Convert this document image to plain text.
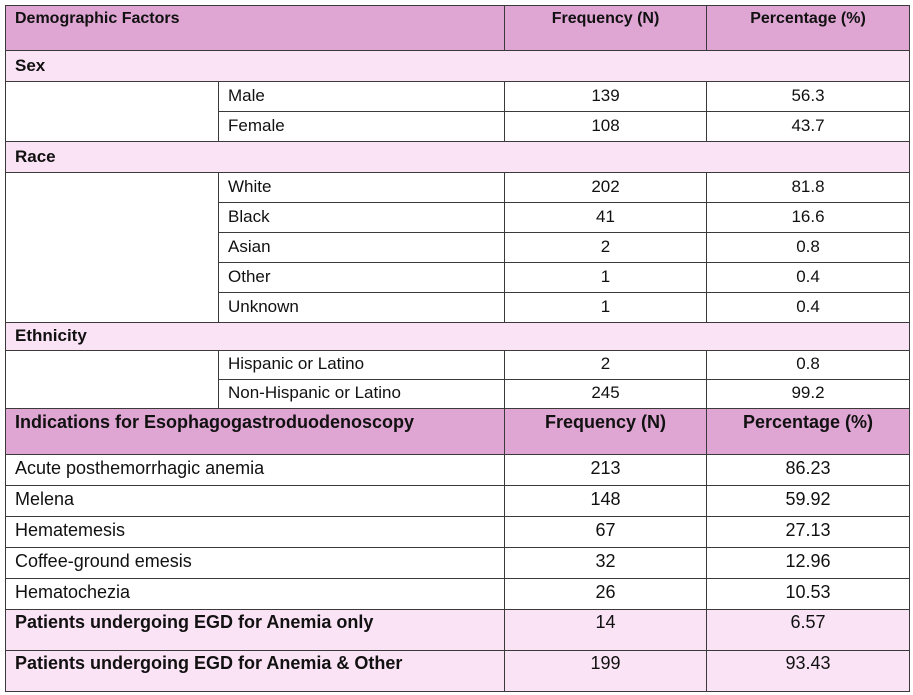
Demographic Factors		Frequency (N)	Percentage (%)
Sex			
	Male	139	56.3
	Female	108	43.7
Race			
	White	202	81.8
	Black	41	16.6
	Asian	2	0.8
	Other	1	0.4
	Unknown	1	0.4
Ethnicity			
	Hispanic or Latino	2	0.8
	Non-Hispanic or Latino	245	99.2
Indications for Esophagogastroduodenoscopy		Frequency (N)	Percentage (%)
Acute posthemorrhagic anemia		213	86.23
Melena		148	59.92
Hematemesis		67	27.13
Coffee-ground emesis		32	12.96
Hematochezia		26	10.53
Patients undergoing EGD for Anemia only		14	6.57
Patients undergoing EGD for Anemia & Other		199	93.43
